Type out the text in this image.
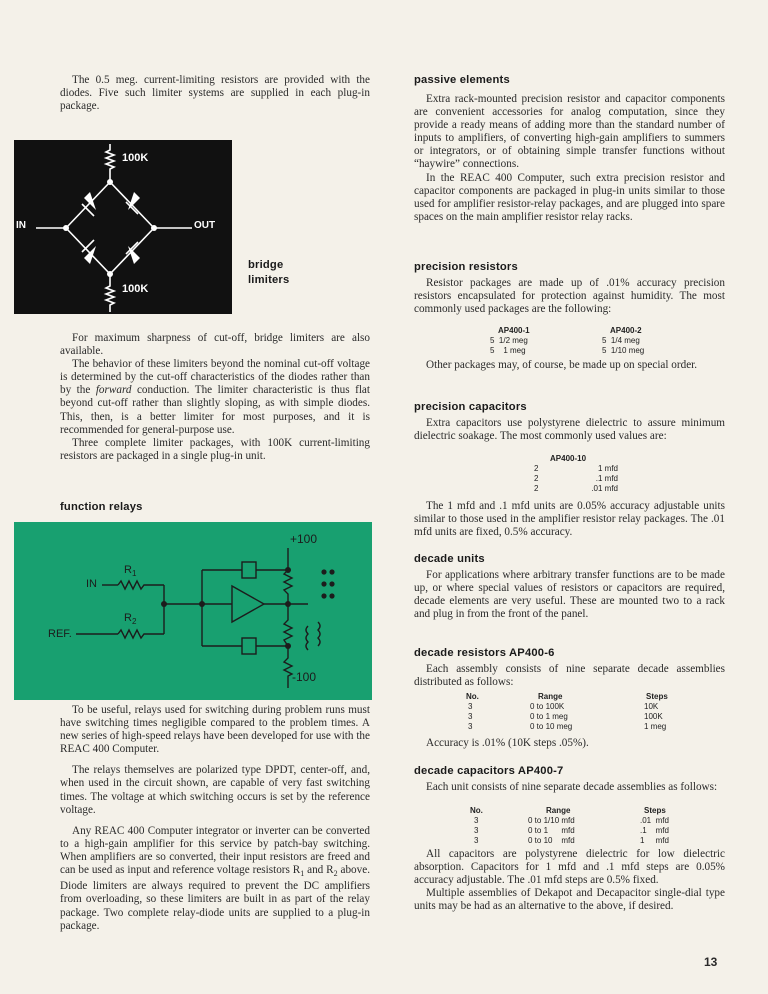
The 0.5 meg. current-limiting resistors are provided with the diodes. Five such limiter systems are supplied in each plug-in package.

100K
100K
IN	OUT
bridge
limiters

For maximum sharpness of cut-off, bridge limiters are also available.

The behavior of these limiters beyond the nominal cut-off voltage is determined by the cut-off characteristics of the diodes rather than by the forward conduction. The limiter characteristic is thus flat beyond cut-off rather than slightly sloping, as with simple diodes. This, then, is a better limiter for most purposes, and it is recommended for general-purpose use.

Three complete limiter packages, with 100K current-limiting resistors are packaged in a single plug-in unit.

function relays
+100
-100
IN
REF.
$R_1$
$R_2$

To be useful, relays used for switching during problem runs must have switching times negligible compared to the problem times. A new series of high-speed relays have been developed for use with the REAC 400 Computer.

The relays themselves are polarized type DPDT, center-off, and, when used in the circuit shown, are capable of very fast switching times. The voltage at which switching occurs is set by the reference voltage.

Any REAC 400 Computer integrator or inverter can be converted to a high-gain amplifier for this service by patch-bay switching. When amplifiers are so converted, their input resistors are freed and can be used as input and reference voltage resistors $R_1$ and $R_2$ above. Diode limiters are always required to prevent the DC amplifiers from overloading, so these limiters are built in as part of the relay package. Two complete relay-diode units are supplied to a plug-in package.

passive elements

Extra rack-mounted precision resistor and capacitor components are convenient accessories for analog computation, since they provide a ready means of adding more than the standard number of inputs to amplifiers, of converting high-gain amplifiers to summers or integrators, or of obtaining simple transfer functions without “haywire” connections.

In the REAC 400 Computer, such extra precision resistor and capacitor components are packaged in plug-in units similar to those used for amplifier resistor-relay packages, and are plugged into spare spaces on the main amplifier resistor relay racks.

precision resistors

Resistor packages are made up of .01% accuracy precision resistors encapsulated for protection against humidity. The most commonly used packages are the following:

AP400-1	AP400-2
5  1/2 meg	5  1/4 meg
5    1 meg	5  1/10 meg

Other packages may, of course, be made up on special order.

precision capacitors

Extra capacitors use polystyrene dielectric to assure minimum dielectric soakage. The most commonly used values are:

AP400-10
2	1 mfd
2	.1 mfd
2	.01 mfd

The 1 mfd and .1 mfd units are 0.05% accuracy adjustable units similar to those used in the amplifier resistor relay packages. The .01 mfd units are fixed, 0.5% accuracy.

decade units

For applications where arbitrary transfer functions are to be made up, or where special values of resistors or capacitors are required, decade elements are very useful. These are mounted two to a rack and plug in from the front of the panel.

decade resistors AP400-6

Each assembly consists of nine separate decade assemblies distributed as follows:

No.	Range	Steps
3	0 to 100K	10K
3	0 to 1 meg	100K
3	0 to 10 meg	1 meg

Accuracy is .01% (10K steps .05%).

decade capacitors AP400-7

Each unit consists of nine separate decade assemblies as follows:

No.	Range	Steps
3	0 to 1/10 mfd	.01  mfd
3	0 to 1      mfd	.1    mfd
3	0 to 10    mfd	1     mfd

All capacitors are polystyrene dielectric for low dielectric absorption. Capacitors for 1 mfd and .1 mfd steps are 0.05% accuracy adjustable. The .01 mfd steps are 0.5% fixed.

Multiple assemblies of Dekapot and Decapacitor single-dial type units may be had as an alternative to the above, if desired.

13
